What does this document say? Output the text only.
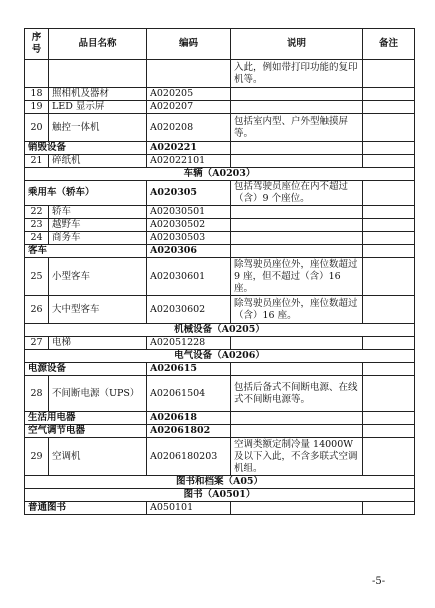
序
号	品目名称	编码	说明	备注
			入此，例如带打印功能的复印机等。	
18	照相机及器材	A020205		
19	LED 显示屏	A020207		
20	触控一体机	A020208	包括室内型、户外型触摸屏等。	
销毁设备		A020221		
21	碎纸机	A02022101		
车辆（A0203）				
乘用车（轿车）		A020305	包括驾驶员座位在内不超过（含）9 个座位。	
22	轿车	A02030501		
23	越野车	A02030502		
24	商务车	A02030503		
客车		A020306		
25	小型客车	A02030601	除驾驶员座位外，座位数超过 9 座，但不超过（含）16 座。	
26	大中型客车	A02030602	除驾驶员座位外，座位数超过（含）16 座。	
机械设备（A0205）				
27	电梯	A02051228		
电气设备（A0206）				
电源设备		A020615		
28	不间断电源（UPS）	A02061504	包括后备式不间断电源、在线式不间断电源等。	
生活用电器		A020618		
空气调节电器		A02061802		
29	空调机	A0206180203	空调类额定制冷量 14000W 及以下入此，不含多联式空调机组。	
图书和档案（A05）				
图书（A0501）				
普通图书		A050101		
-5-
